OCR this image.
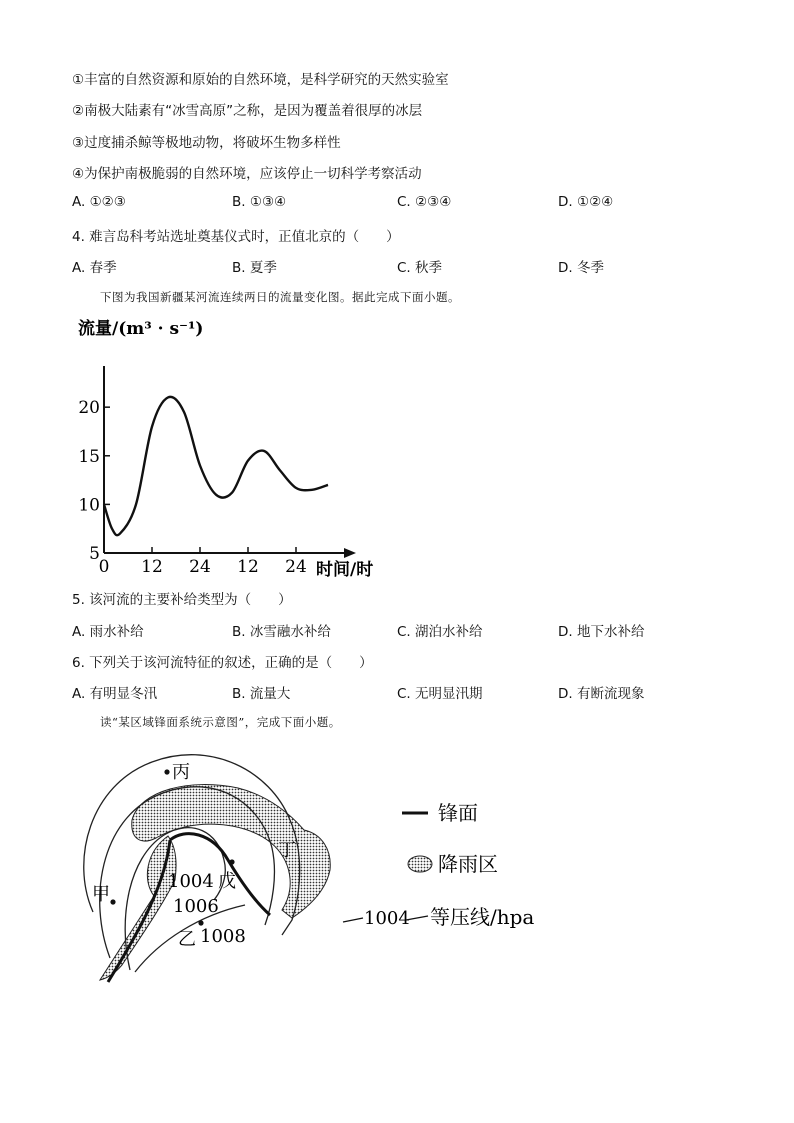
①丰富的自然资源和原始的自然环境，是科学研究的天然实验室
②南极大陆素有“冰雪高原”之称，是因为覆盖着很厚的冰层
③过度捕杀鲸等极地动物，将破坏生物多样性
④为保护南极脆弱的自然环境，应该停止一切科学考察活动
A. ①②③	B. ①③④	C. ②③④	D. ①②④
4. 难言岛科考站选址奠基仪式时，正值北京的（　　）
A. 春季	B. 夏季	C. 秋季	D. 冬季
下图为我国新疆某河流连续两日的流量变化图。据此完成下面小题。
流量/(m³ · s⁻¹)
时间/时
5
10
15
20
0 12 24 12 24
5. 该河流的主要补给类型为（　　）
A. 雨水补给	B. 冰雪融水补给	C. 湖泊水补给	D. 地下水补给
6. 下列关于该河流特征的叙述，正确的是（　　）
A. 有明显冬汛	B. 流量大	C. 无明显汛期	D. 有断流现象
读“某区域锋面系统示意图”，完成下面小题。
丙
丁
戊
甲
乙
1004
1006
1008
锋面
降雨区
1004 等压线/hpa
